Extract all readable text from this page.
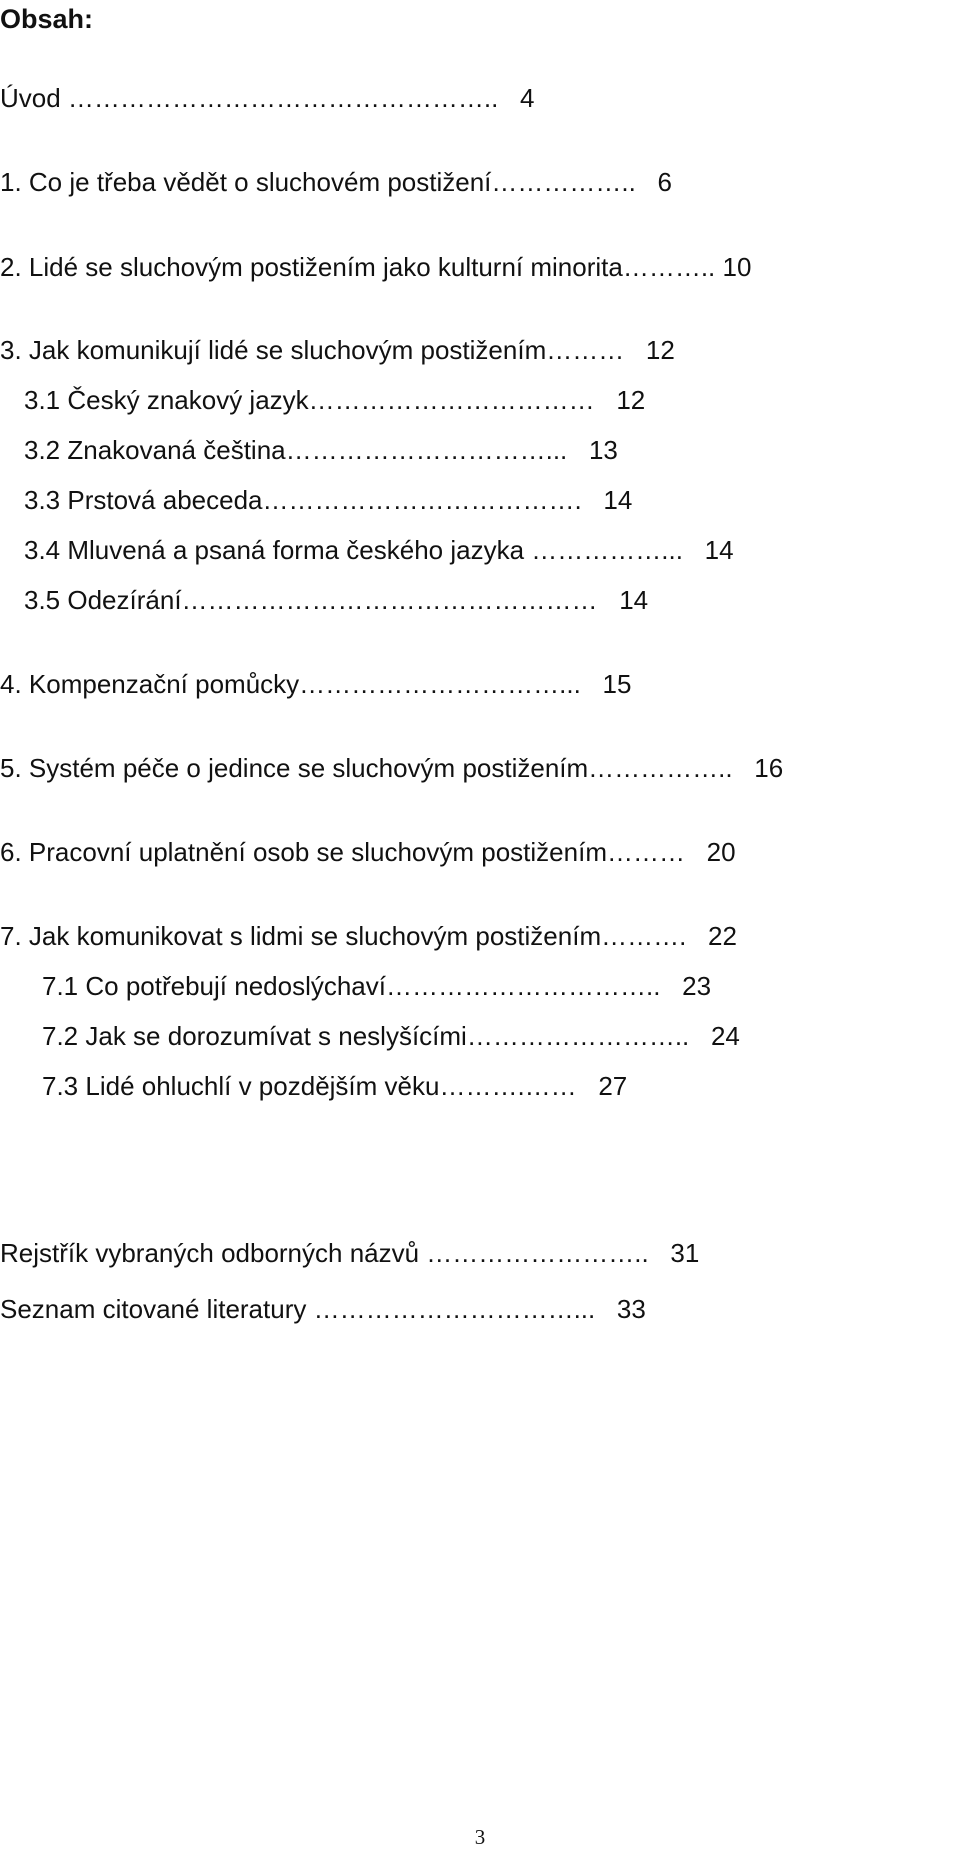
Obsah:
Úvod …………………………………………..   4
1. Co je třeba vědět o sluchovém postižení……………..   6
2. Lidé se sluchovým postižením jako kulturní minorita……….. 10
3. Jak komunikují lidé se sluchovým postižením………   12
3.1 Český znakový jazyk……………………………   12
3.2 Znakovaná čeština…………………………...   13
3.3 Prstová abeceda……………………………….   14
3.4 Mluvená a psaná forma českého jazyka ……………...   14
3.5 Odezírání…………………………………………   14
4. Kompenzační pomůcky…………………………...   15
5. Systém péče o jedince se sluchovým postižením……………..   16
6. Pracovní uplatnění osob se sluchovým postižením………   20
7. Jak komunikovat s lidmi se sluchovým postižením……….   22
7.1 Co potřebují nedoslýchaví…………………………..   23
7.2 Jak se dorozumívat s neslyšícími……………………..   24
7.3 Lidé ohluchlí v pozdějším věku……….……   27
Rejstřík vybraných odborných názvů ……………………..   31
Seznam citované literatury …………………………...   33
3
